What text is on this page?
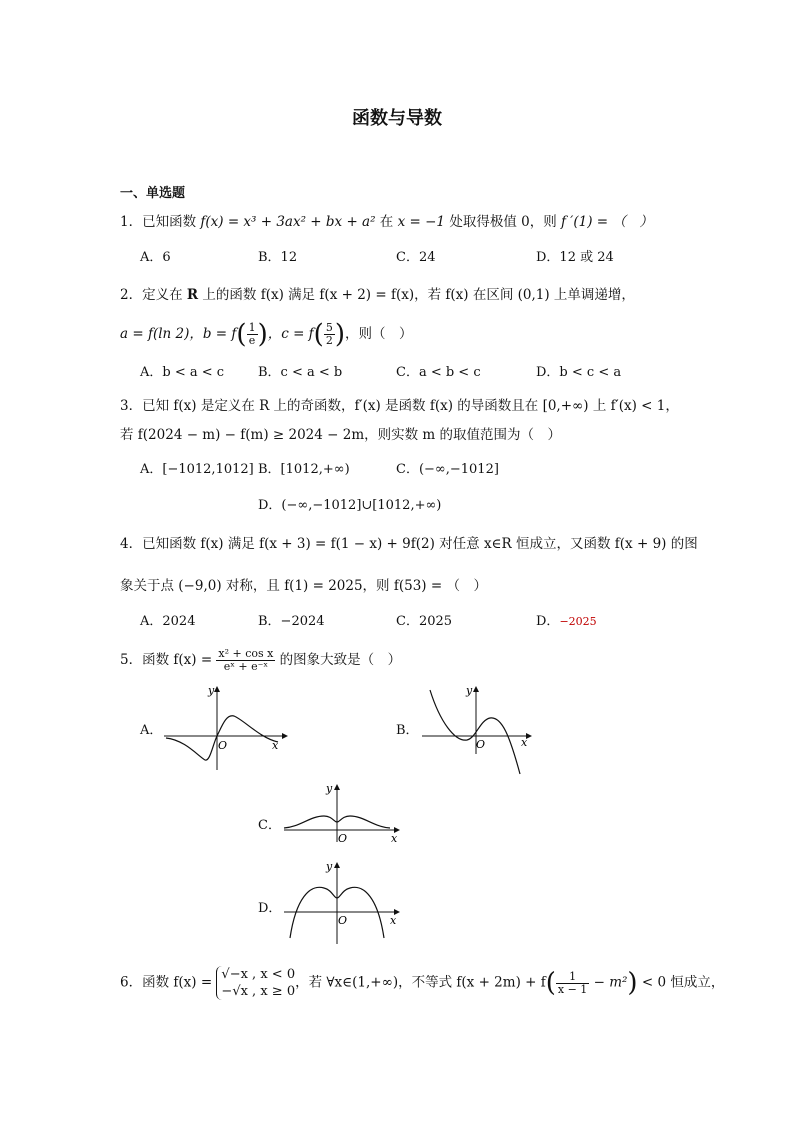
函数与导数
一、单选题
1．已知函数 f(x) = x³ + 3ax² + bx + a² 在 x = −1 处取得极值 0，则 f ′(1) = （　）
A．6	B．12	C．24	D．12 或 24
2．定义在 R 上的函数 f(x) 满足 f(x + 2) = f(x)，若 f(x) 在区间 (0,1) 上单调递增，
a = f(ln 2)，$b = f( \frac{1}{e}$ )，$c = f( \frac{5}{2}$ )，则（　）
A．b < a < c	B．c < a < b	C．a < b < c	D．b < c < a
3．已知 f(x) 是定义在 R 上的奇函数，f′(x) 是函数 f(x) 的导函数且在 [0,+∞) 上 f′(x) < 1，
若 f(2024 − m) − f(m) ≥ 2024 − 2m，则实数 m 的取值范围为（　）
A．[−1012,1012] B．[1012,+∞)	C．(−∞,−1012]
D．(−∞,−1012]∪[1012,+∞)
4．已知函数 f(x) 满足 f(x + 3) = f(1 − x) + 9f(2) 对任意 x∈R 恒成立，又函数 f(x + 9) 的图
象关于点 (−9,0) 对称，且 f(1) = 2025，则 f(53) = （　）
A．2024	B．−2024	C．2025	D．−2025
5．函数 $f(x) = \frac{\text{x² + cos x}}{\text{eˣ + e⁻ˣ}}$ 的图象大致是（　）
A．
y
x
O
B．
y
x
O
C．
y
x
O
D．
y
x
O
6．函数 f(x) = √−x , x < 0
−√x , x ≥ 0
，若 ∀x∈(1,+∞)，不等式 $f(x + 2m) + f( \frac{1}{x - 1} - m^2) < 0$ 恒成立，
